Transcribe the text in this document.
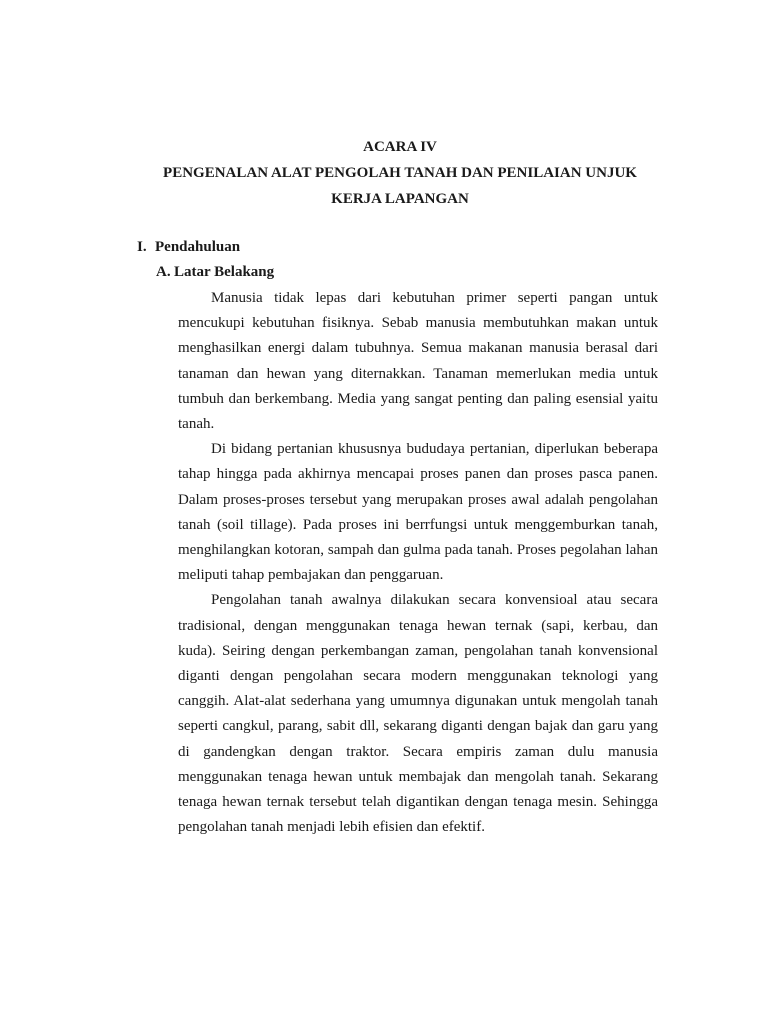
ACARA IV
PENGENALAN ALAT PENGOLAH TANAH DAN PENILAIAN UNJUK
KERJA LAPANGAN
I. Pendahuluan
A. Latar Belakang

Manusia tidak lepas dari kebutuhan primer seperti pangan untuk mencukupi kebutuhan fisiknya. Sebab manusia membutuhkan makan untuk menghasilkan energi dalam tubuhnya. Semua makanan manusia berasal dari tanaman dan hewan yang diternakkan. Tanaman memerlukan media untuk tumbuh dan berkembang. Media yang sangat penting dan paling esensial yaitu tanah.

Di bidang pertanian khususnya bududaya pertanian, diperlukan beberapa tahap hingga pada akhirnya mencapai proses panen dan proses pasca panen. Dalam proses-proses tersebut yang merupakan proses awal adalah pengolahan tanah (soil tillage). Pada proses ini berrfungsi untuk menggemburkan tanah, menghilangkan kotoran, sampah dan gulma pada tanah. Proses pegolahan lahan meliputi tahap pembajakan dan penggaruan.

Pengolahan tanah awalnya dilakukan secara konvensioal atau secara tradisional, dengan menggunakan tenaga hewan ternak (sapi, kerbau, dan kuda). Seiring dengan perkembangan zaman, pengolahan tanah konvensional diganti dengan pengolahan secara modern menggunakan teknologi yang canggih. Alat-alat sederhana yang umumnya digunakan untuk mengolah tanah seperti cangkul, parang, sabit dll, sekarang diganti dengan bajak dan garu yang di gandengkan dengan traktor. Secara empiris zaman dulu manusia menggunakan tenaga hewan untuk membajak dan mengolah tanah. Sekarang tenaga hewan ternak tersebut telah digantikan dengan tenaga mesin. Sehingga pengolahan tanah menjadi lebih efisien dan efektif.
